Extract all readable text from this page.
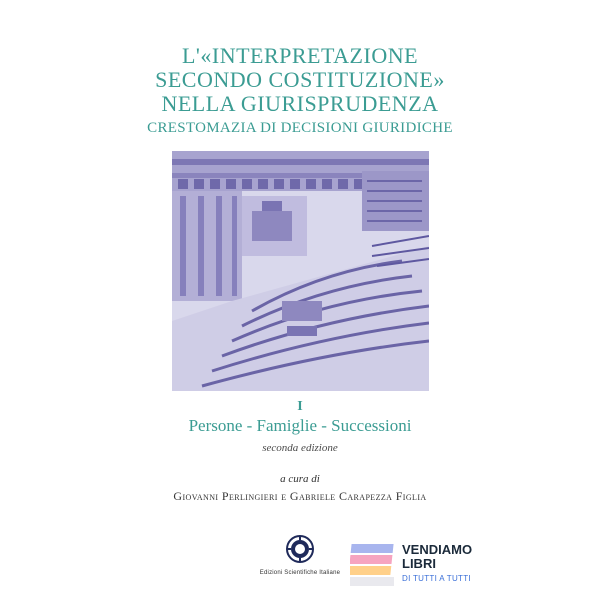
L'«INTERPRETAZIONE
SECONDO COSTITUZIONE»
NELLA GIURISPRUDENZA
CRESTOMAZIA DI DECISIONI GIURIDICHE
I
Persone - Famiglie - Successioni
seconda edizione
a cura di
Giovanni Perlingieri e Gabriele Carapezza Figlia
Edizioni Scientifiche Italiane
VENDIAMO
LIBRI
DI TUTTI A TUTTI
